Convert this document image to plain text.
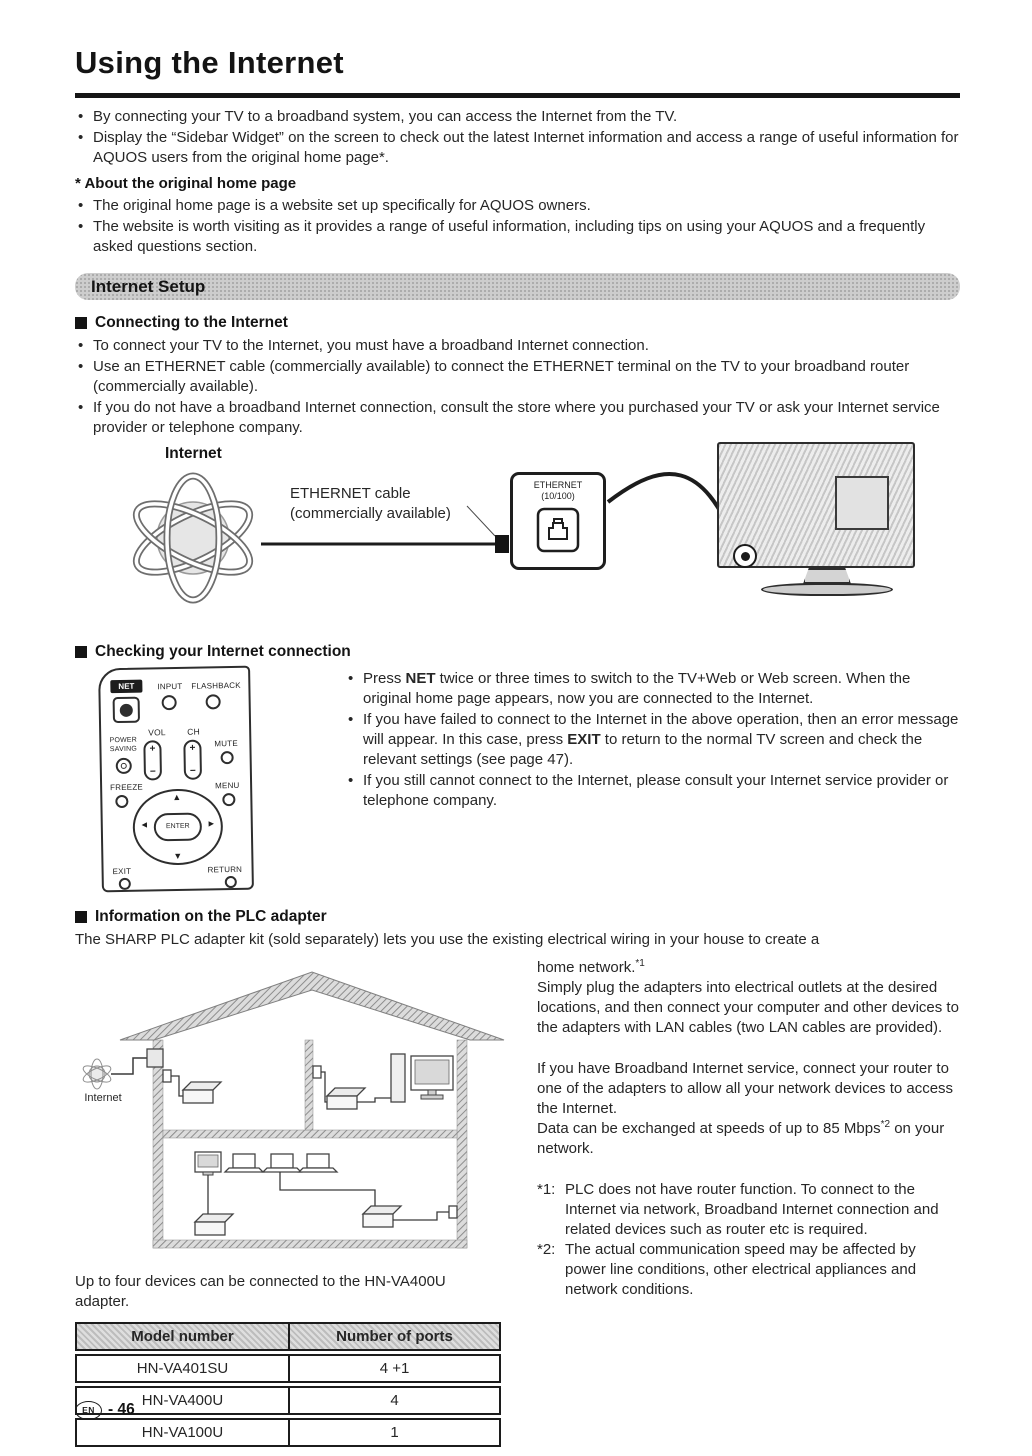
Using the Internet
• By connecting your TV to a broadband system, you can access the Internet from the TV.
• Display the “Sidebar Widget” on the screen to check out the latest Internet information and access a range of useful information for AQUOS users from the original home page*.
* About the original home page
• The original home page is a website set up specifically for AQUOS owners.
• The website is worth visiting as it provides a range of useful information, including tips on using your AQUOS and a frequently asked questions section.
Internet Setup
Connecting to the Internet
• To connect your TV to the Internet, you must have a broadband Internet connection.
• Use an ETHERNET cable (commercially available) to connect the ETHERNET terminal on the TV to your broadband router (commercially available).
• If you do not have a broadband Internet connection, consult the store where you purchased your TV or ask your Internet service provider or telephone company.
Internet
ETHERNET cable
(commercially available)
ETHERNET
(10/100)
Checking your Internet connection
NET	INPUT FLASHBACK
VOL CH
+
−
+
−
POWER
SAVING
MUTE
FREEZE	MENU
▲
▼
◄	►
ENTER
EXIT	RETURN
• Press NET twice or three times to switch to the TV+Web or Web screen. When the original home page appears, now you are connected to the Internet.
• If you have failed to connect to the Internet in the above operation, then an error message will appear. In this case, press EXIT to return to the normal TV screen and check the relevant settings (see page 47).
• If you still cannot connect to the Internet, please consult your Internet service provider or telephone company.
Information on the PLC adapter
The SHARP PLC adapter kit (sold separately) lets you use the existing electrical wiring in your house to create a
Internet
Up to four devices can be connected to the HN-VA400U adapter.
Model number	Number of ports
HN-VA401SU	4 +1
HN-VA400U	4
HN-VA100U	1
home network.$^{*1}$
Simply plug the adapters into electrical outlets at the desired locations, and then connect your computer and other devices to the adapters with LAN cables (two LAN cables are provided).
If you have Broadband Internet service, connect your router to one of the adapters to allow all your network devices to access the Internet.
Data can be exchanged at speeds of up to 85 Mbps$^{*2}$ on your network.
*1: PLC does not have router function. To connect to the Internet via network, Broadband Internet connection and related devices such as router etc is required.
*2: The actual communication speed may be affected by power line conditions, other electrical appliances and network conditions.
EN - 46
